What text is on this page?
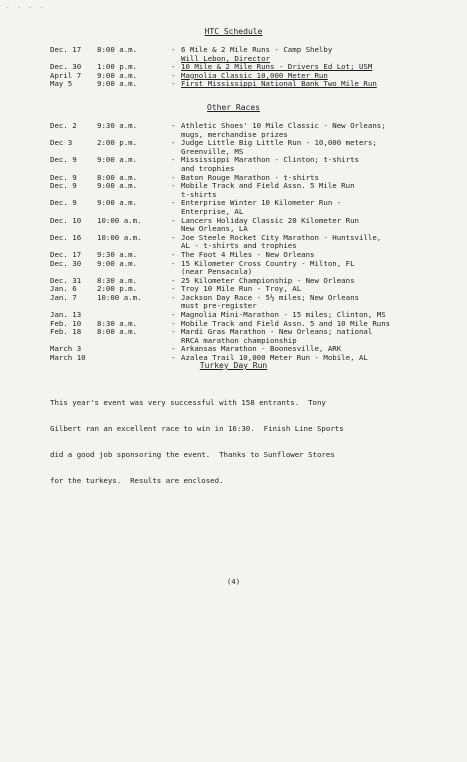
- - - -
HTC Schedule
Dec. 17	8:00 a.m.	- 6 Mile & 2 Mile Runs - Camp Shelby
Will Lebon, Director
Dec. 30	1:00 p.m.	- 10 Mile & 2 Mile Runs - Drivers Ed Lot; USM
April 7	9:00 a.m.	- Magnolia Classic 10,000 Meter Run
May 5	9:00 a.m.	- First Mississippi National Bank Two Mile Run
Other Races
Dec. 2	9:30 a.m.	- Athletic Shoes' 10 Mile Classic - New Orleans;
mugs, merchandise prizes
Dec 3	2:00 p.m.	- Judge Little Big Little Run - 10,000 meters;
Greenville, MS
Dec. 9	9:00 a.m.	- Mississippi Marathon - Clinton; t-shirts
and trophies
Dec. 9	8:00 a.m.	- Baton Rouge Marathon - t-shirts
Dec. 9	9:00 a.m.	- Mobile Track and Field Assn. 5 Mile Run
t-shirts
Dec. 9	9:00 a.m.	- Enterprise Winter 10 Kilometer Run -
Enterprise, AL
Dec. 10	10:00 a.m.	- Lancers Holiday Classic 20 Kilometer Run
New Orleans, LA
Dec. 16	10:00 a.m.	- Joe Steele Rocket City Marathon - Huntsville,
AL - t-shirts and trophies
Dec. 17	9:30 a.m.	- The Foot 4 Miles - New Orleans
Dec. 30	9:00 a.m.	- 15 Kilometer Cross Country - Milton, FL
(near Pensacola)
Dec. 31	8:30 a.m.	- 25 Kilometer Championship - New Orleans
Jan. 6	2:00 p.m.	- Troy 10 Mile Run - Troy, AL
Jan. 7	10:00 a.m.	- Jackson Day Race - 5½ miles; New Orleans
must pre-register
Jan. 13	- Magnolia Mini-Marathon - 15 miles; Clinton, MS
Feb. 10	8:30 a.m.	- Mobile Track and Field Assn. 5 and 10 Mile Runs
Feb. 18	8:00 a.m.	- Mardi Gras Marathon - New Orleans; national
RRCA marathon championship
March 3	- Arkansas Marathon - Boonesville, ARK
March 10	- Azalea Trail 10,000 Meter Run - Mobile, AL
Turkey Day Run

This year's event was very successful with 158 entrants.  Tony

Gilbert ran an excellent race to win in 16:30.  Finish Line Sports

did a good job sponsoring the event.  Thanks to Sunflower Stores

for the turkeys.  Results are enclosed.

(4)
